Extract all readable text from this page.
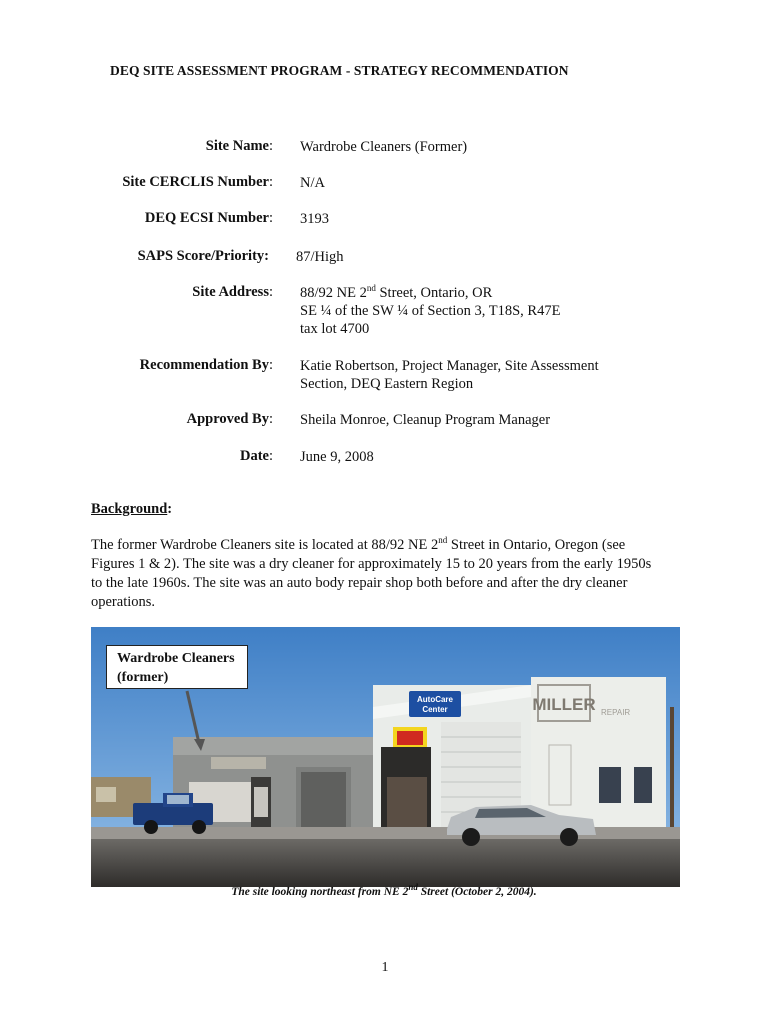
DEQ SITE ASSESSMENT PROGRAM - STRATEGY RECOMMENDATION
Site Name: Wardrobe Cleaners (Former)
Site CERCLIS Number: N/A
DEQ ECSI Number: 3193
SAPS Score/Priority: 87/High
Site Address: 88/92 NE 2nd Street, Ontario, OR
SE ¼ of the SW ¼ of Section 3, T18S, R47E
tax lot 4700
Recommendation By: Katie Robertson, Project Manager, Site Assessment
Section, DEQ Eastern Region
Approved By: Sheila Monroe, Cleanup Program Manager
Date: June 9, 2008
Background:
The former Wardrobe Cleaners site is located at 88/92 NE 2nd Street in Ontario, Oregon (see
Figures 1 & 2). The site was a dry cleaner for approximately 15 to 20 years from the early 1950s
to the late 1960s. The site was an auto body repair shop both before and after the dry cleaner
operations.
AutoCare
Center	MILLER REPAIR
Wardrobe Cleaners
(former)
The site looking northeast from NE 2nd Street (October 2, 2004).
1
